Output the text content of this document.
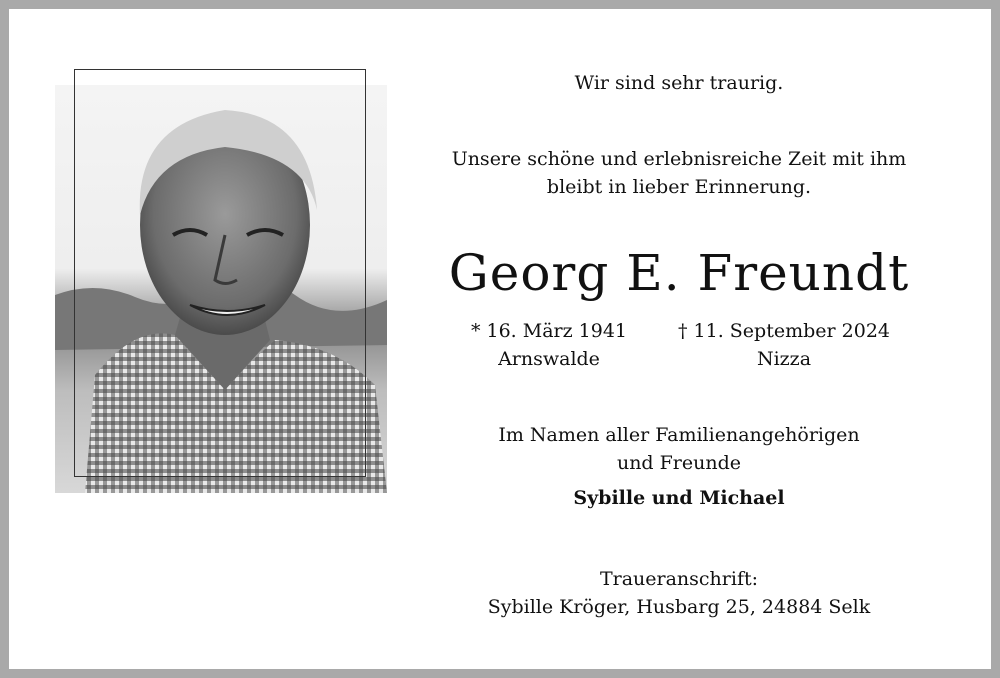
Wir sind sehr traurig.
Unsere schöne und erlebnisreiche Zeit mit ihm
bleibt in lieber Erinnerung.
Georg E. Freundt
* 16. März 1941
Arnswalde
† 11. September 2024
Nizza
Im Namen aller Familienangehörigen
und Freunde
Sybille und Michael
Traueranschrift:
Sybille Kröger, Husbarg 25, 24884 Selk
